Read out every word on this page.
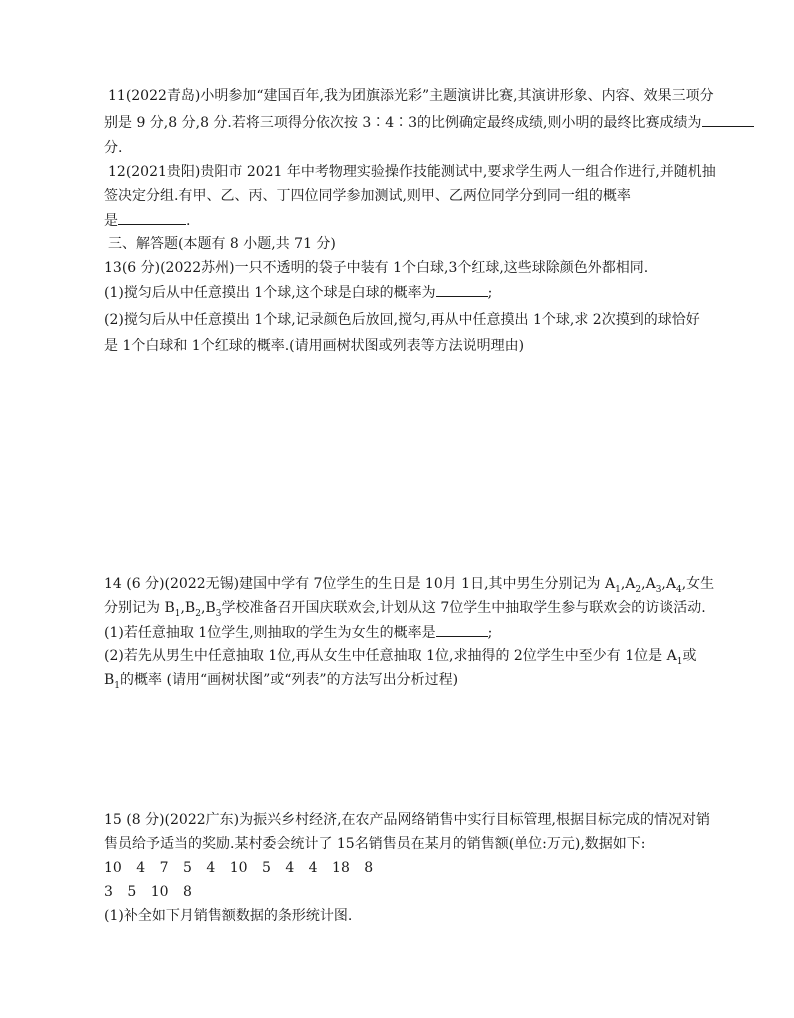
11(2022青岛)小明参加“建国百年,我为团旗添光彩”主题演讲比赛,其演讲形象、内容、效果三项分
别是 9 分,8 分,8 分.若将三项得分依次按 3∶4∶3的比例确定最终成绩,则小明的最终比赛成绩为
分.
12(2021贵阳)贵阳市 2021 年中考物理实验操作技能测试中,要求学生两人一组合作进行,并随机抽
签决定分组.有甲、乙、丙、丁四位同学参加测试,则甲、乙两位同学分到同一组的概率
是	.
三、解答题(本题有 8 小题,共 71 分)
13(6 分)(2022苏州)一只不透明的袋子中装有 1个白球,3个红球,这些球除颜色外都相同.
(1)搅匀后从中任意摸出 1个球,这个球是白球的概率为	;
(2)搅匀后从中任意摸出 1个球,记录颜色后放回,搅匀,再从中任意摸出 1个球,求 2次摸到的球恰好
是 1个白球和 1个红球的概率.(请用画树状图或列表等方法说明理由)
14 (6 分)(2022无锡)建国中学有 7位学生的生日是 10月 1日,其中男生分别记为 $A_1,A_2,A_3,A_4$,女生
分别记为 $B_1,B_2,B_3$学校准备召开国庆联欢会,计划从这 7位学生中抽取学生参与联欢会的访谈活动.
(1)若任意抽取 1位学生,则抽取的学生为女生的概率是	;
(2)若先从男生中任意抽取 1位,再从女生中任意抽取 1位,求抽得的 2位学生中至少有 1位是 $A_1$或
$B_1$的概率 (请用“画树状图”或“列表”的方法写出分析过程)
15 (8 分)(2022广东)为振兴乡村经济,在农产品网络销售中实行目标管理,根据目标完成的情况对销
售员给予适当的奖励.某村委会统计了 15名销售员在某月的销售额(单位:万元),数据如下:
10 4 7 5 4 10 5 4 4 18 8
3 5 10 8
(1)补全如下月销售额数据的条形统计图.
